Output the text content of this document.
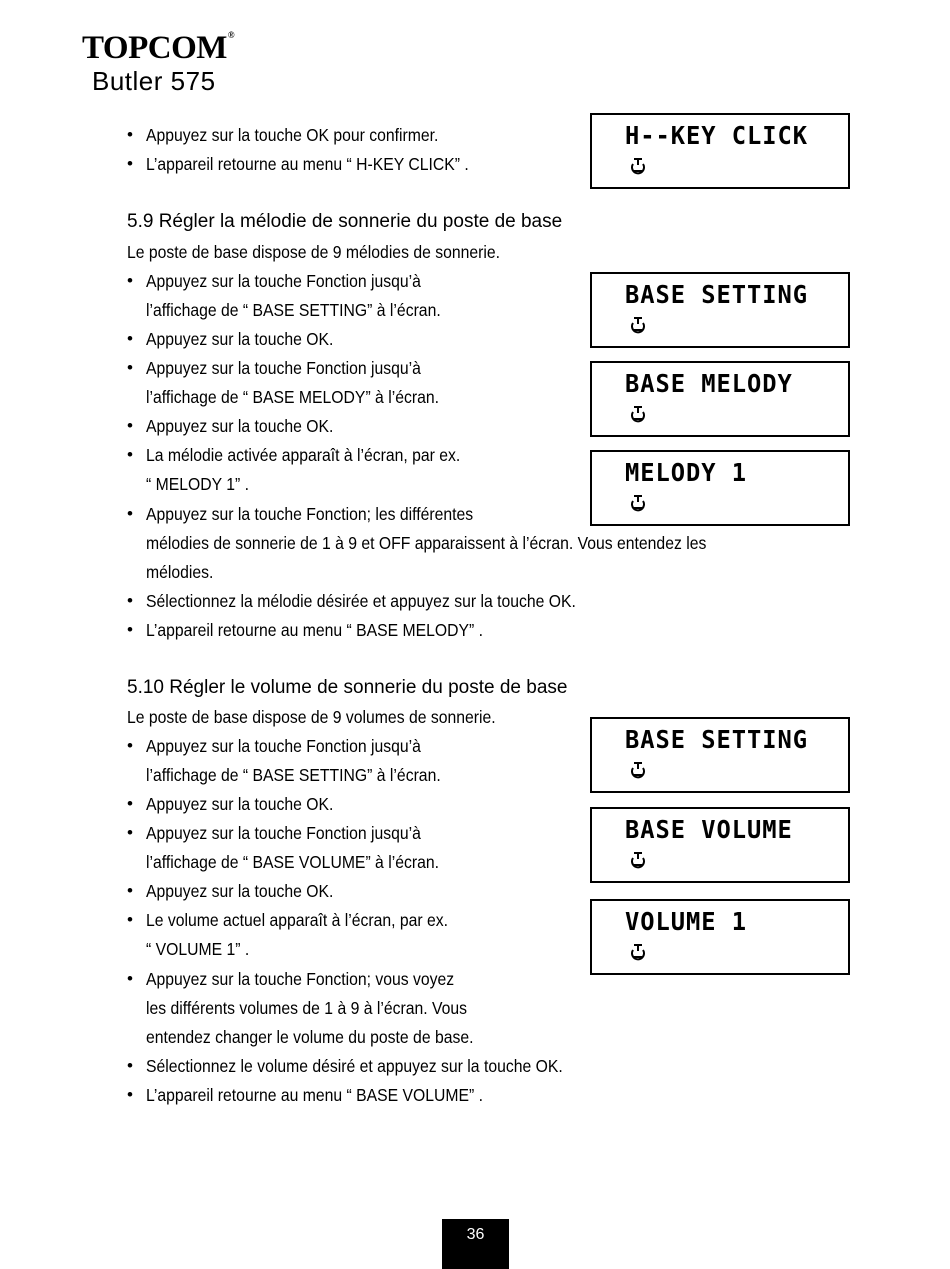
TOPCOM®
Butler 575
• Appuyez sur la touche OK pour confirmer.
• L’appareil retourne au menu “ H-KEY CLICK” .
5.9 Régler la mélodie de sonnerie du poste de base
Le poste de base dispose de 9 mélodies de sonnerie.
• Appuyez sur la touche Fonction jusqu’à
l’affichage de “ BASE SETTING” à l’écran.
• Appuyez sur la touche OK.
• Appuyez sur la touche Fonction jusqu’à
l’affichage de “ BASE MELODY” à l’écran.
• Appuyez sur la touche OK.
• La mélodie activée apparaît à l’écran, par ex.
“ MELODY 1” .
• Appuyez sur la touche Fonction; les différentes
mélodies de sonnerie de 1 à 9 et OFF apparaissent à l’écran. Vous entendez les
mélodies.
• Sélectionnez la mélodie désirée et appuyez sur la touche OK.
• L’appareil retourne au menu “ BASE MELODY” .
5.10 Régler le volume de sonnerie du poste de base
Le poste de base dispose de 9 volumes de sonnerie.
• Appuyez sur la touche Fonction jusqu’à
l’affichage de “ BASE SETTING” à l’écran.
• Appuyez sur la touche OK.
• Appuyez sur la touche Fonction jusqu’à
l’affichage de “ BASE VOLUME” à l’écran.
• Appuyez sur la touche OK.
• Le volume actuel apparaît à l’écran, par ex.
“ VOLUME 1” .
• Appuyez sur la touche Fonction; vous voyez
les différents volumes de 1 à 9 à l’écran. Vous
entendez changer le volume du poste de base.
• Sélectionnez le volume désiré et appuyez sur la touche OK.
• L’appareil retourne au menu “ BASE VOLUME” .
H--KEY CLICK
BASE SETTING
BASE MELODY
MELODY 1
BASE SETTING
BASE VOLUME
VOLUME 1
36
